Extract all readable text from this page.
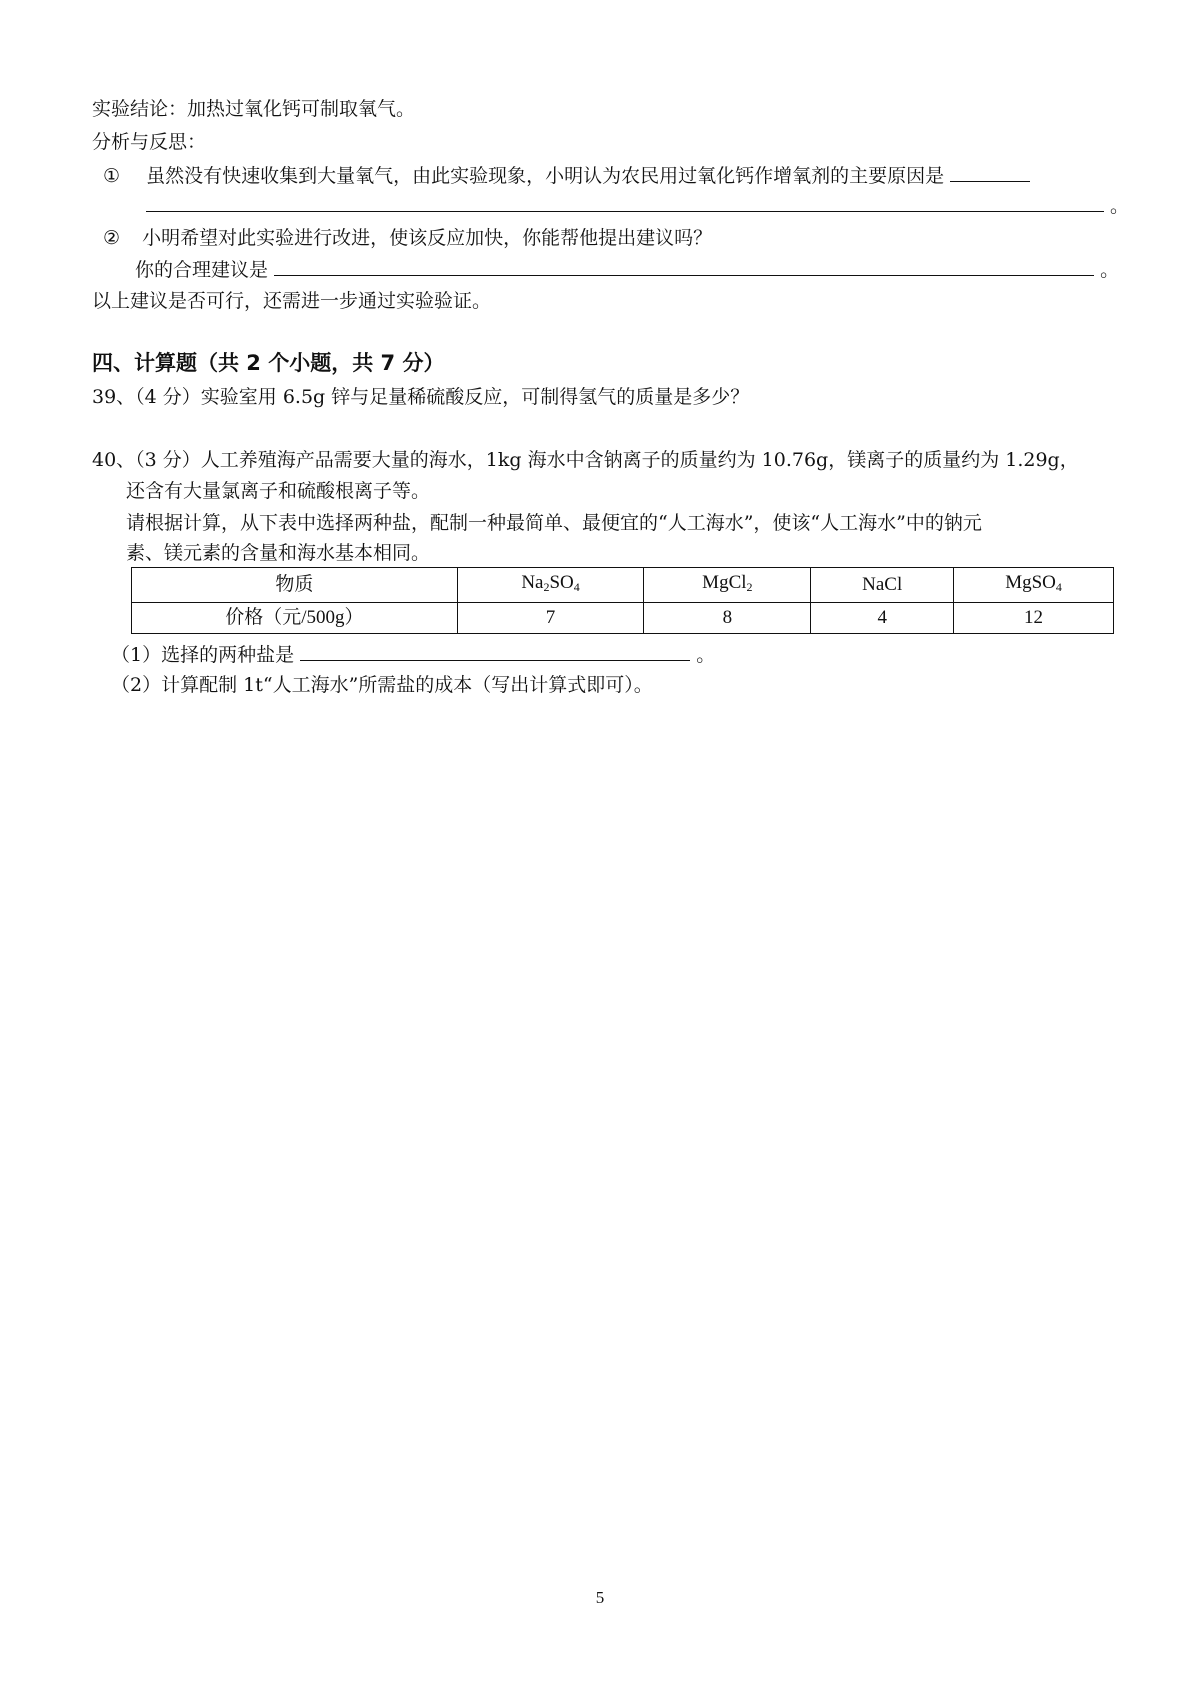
实验结论：加热过氧化钙可制取氧气。
分析与反思：
① 虽然没有快速收集到大量氧气，由此实验现象，小明认为农民用过氧化钙作增氧剂的主要原因是
。
② 小明希望对此实验进行改进，使该反应加快，你能帮他提出建议吗？
你的合理建议是	。
以上建议是否可行，还需进一步通过实验验证。
四、计算题（共 2 个小题，共 7 分）
39、（4 分）实验室用 6.5g 锌与足量稀硫酸反应，可制得氢气的质量是多少？
40、（3 分）人工养殖海产品需要大量的海水，1kg 海水中含钠离子的质量约为 10.76g，镁离子的质量约为 1.29g，
还含有大量氯离子和硫酸根离子等。
请根据计算，从下表中选择两种盐，配制一种最简单、最便宜的“人工海水”，使该“人工海水”中的钠元
素、镁元素的含量和海水基本相同。
物质	$Na_2SO_4$	MgCl$_2$	NaCl	MgSO$_4$
价格（元/500g）	7	8	4	12
（1）选择的两种盐是	。
（2）计算配制 1t“人工海水”所需盐的成本（写出计算式即可）。
5
